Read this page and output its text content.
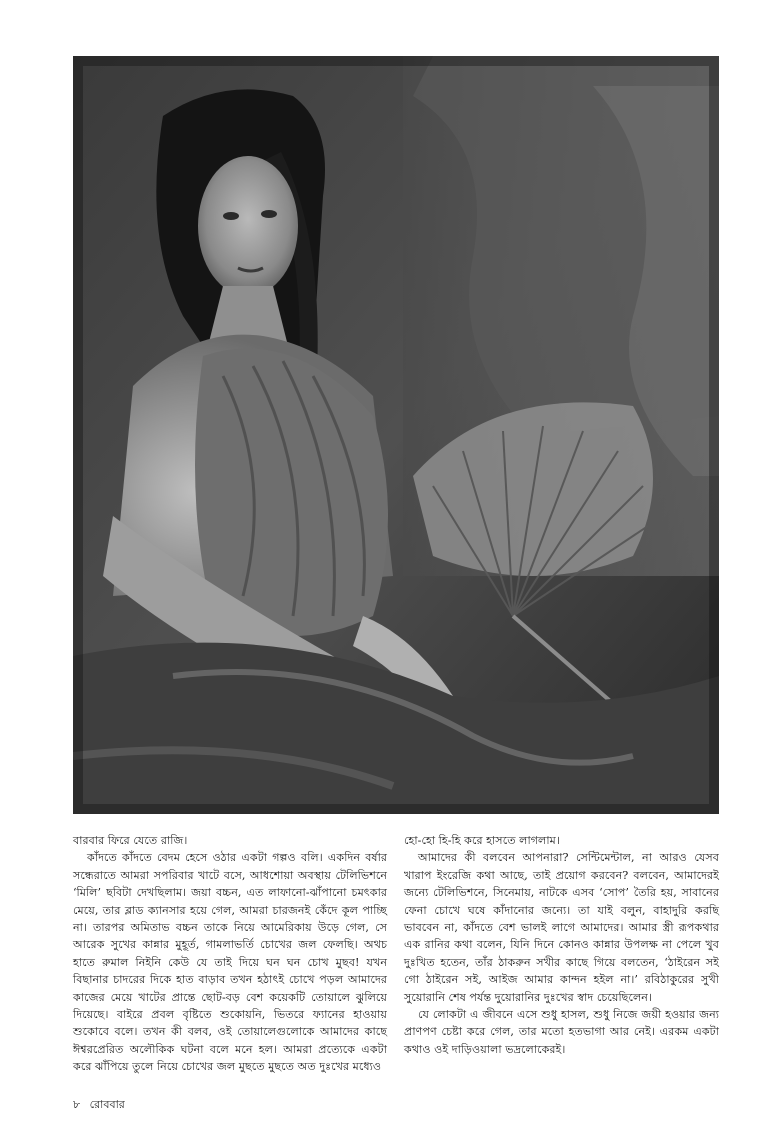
বারবার ফিরে যেতে রাজি।

কাঁদতে কাঁদতে বেদম হেসে ওঠার একটা গল্পও বলি। একদিন বর্ষার সন্ধেরাতে আমরা সপরিবার খাটে বসে, আধশোয়া অবস্থায় টেলিভিশনে ‘মিলি’ ছবিটা দেখছিলাম। জয়া বচ্চন, এত লাফানো-ঝাঁপানো চমৎকার মেয়ে, তার ব্লাড ক্যানসার হয়ে গেল, আমরা চারজনই কেঁদে কূল পাচ্ছি না। তারপর অমিতাভ বচ্চন তাকে নিয়ে আমেরিকায় উড়ে গেল, সে আরেক সুখের কান্নার মুহূর্ত, গামলাভর্তি চোখের জল ফেলছি। অথচ হাতে রুমাল নিইনি কেউ যে তাই দিয়ে ঘন ঘন চোখ মুছব! যখন বিছানার চাদরের দিকে হাত বাড়াব তখন হঠাৎই চোখে পড়ল আমাদের কাজের মেয়ে খাটের প্রান্তে ছোট-বড় বেশ কয়েকটি তোয়ালে ঝুলিয়ে দিয়েছে। বাইরে প্রবল বৃষ্টিতে শুকোয়নি, ভিতরে ফ্যানের হাওয়ায় শুকোবে বলে। তখন কী বলব, ওই তোয়ালেগুলোকে আমাদের কাছে ঈশ্বরপ্রেরিত অলৌকিক ঘটনা বলে মনে হল। আমরা প্রত্যেকে একটা করে ঝাঁপিয়ে তুলে নিয়ে চোখের জল মুছতে মুছতে অত দুঃখের মধ্যেও

হো-হো হি-হি করে হাসতে লাগলাম।

আমাদের কী বলবেন আপনারা? সেন্টিমেন্টাল, না আরও যেসব খারাপ ইংরেজি কথা আছে, তাই প্রয়োগ করবেন? বলবেন, আমাদেরই জন্যে টেলিভিশনে, সিনেমায়, নাটকে এসব ‘সোপ’ তৈরি হয়, সাবানের ফেনা চোখে ঘষে কাঁদানোর জন্যে। তা যাই বলুন, বাহাদুরি করছি ভাববেন না, কাঁদতে বেশ ভালই লাগে আমাদের। আমার স্ত্রী রূপকথার এক রানির কথা বলেন, যিনি দিনে কোনও কান্নার উপলক্ষ না পেলে খুব দুঃখিত হতেন, তাঁর ঠাকরুন সখীর কাছে গিয়ে বলতেন, ‘ঠাইরেন সই গো ঠাইরেন সই, আইজ আমার কান্দন হইল না।’ রবিঠাকুরের সুখী সুয়োরানি শেষ পর্যন্ত দুয়োরানির দুঃখের স্বাদ চেয়েছিলেন।

যে লোকটা এ জীবনে এসে শুধু হাসল, শুধু নিজে জয়ী হওয়ার জন্য প্রাণপণ চেষ্টা করে গেল, তার মতো হতভাগা আর নেই। এরকম একটা কথাও ওই দাড়িওয়ালা ভদ্রলোকেরই।

৮ রোববার
